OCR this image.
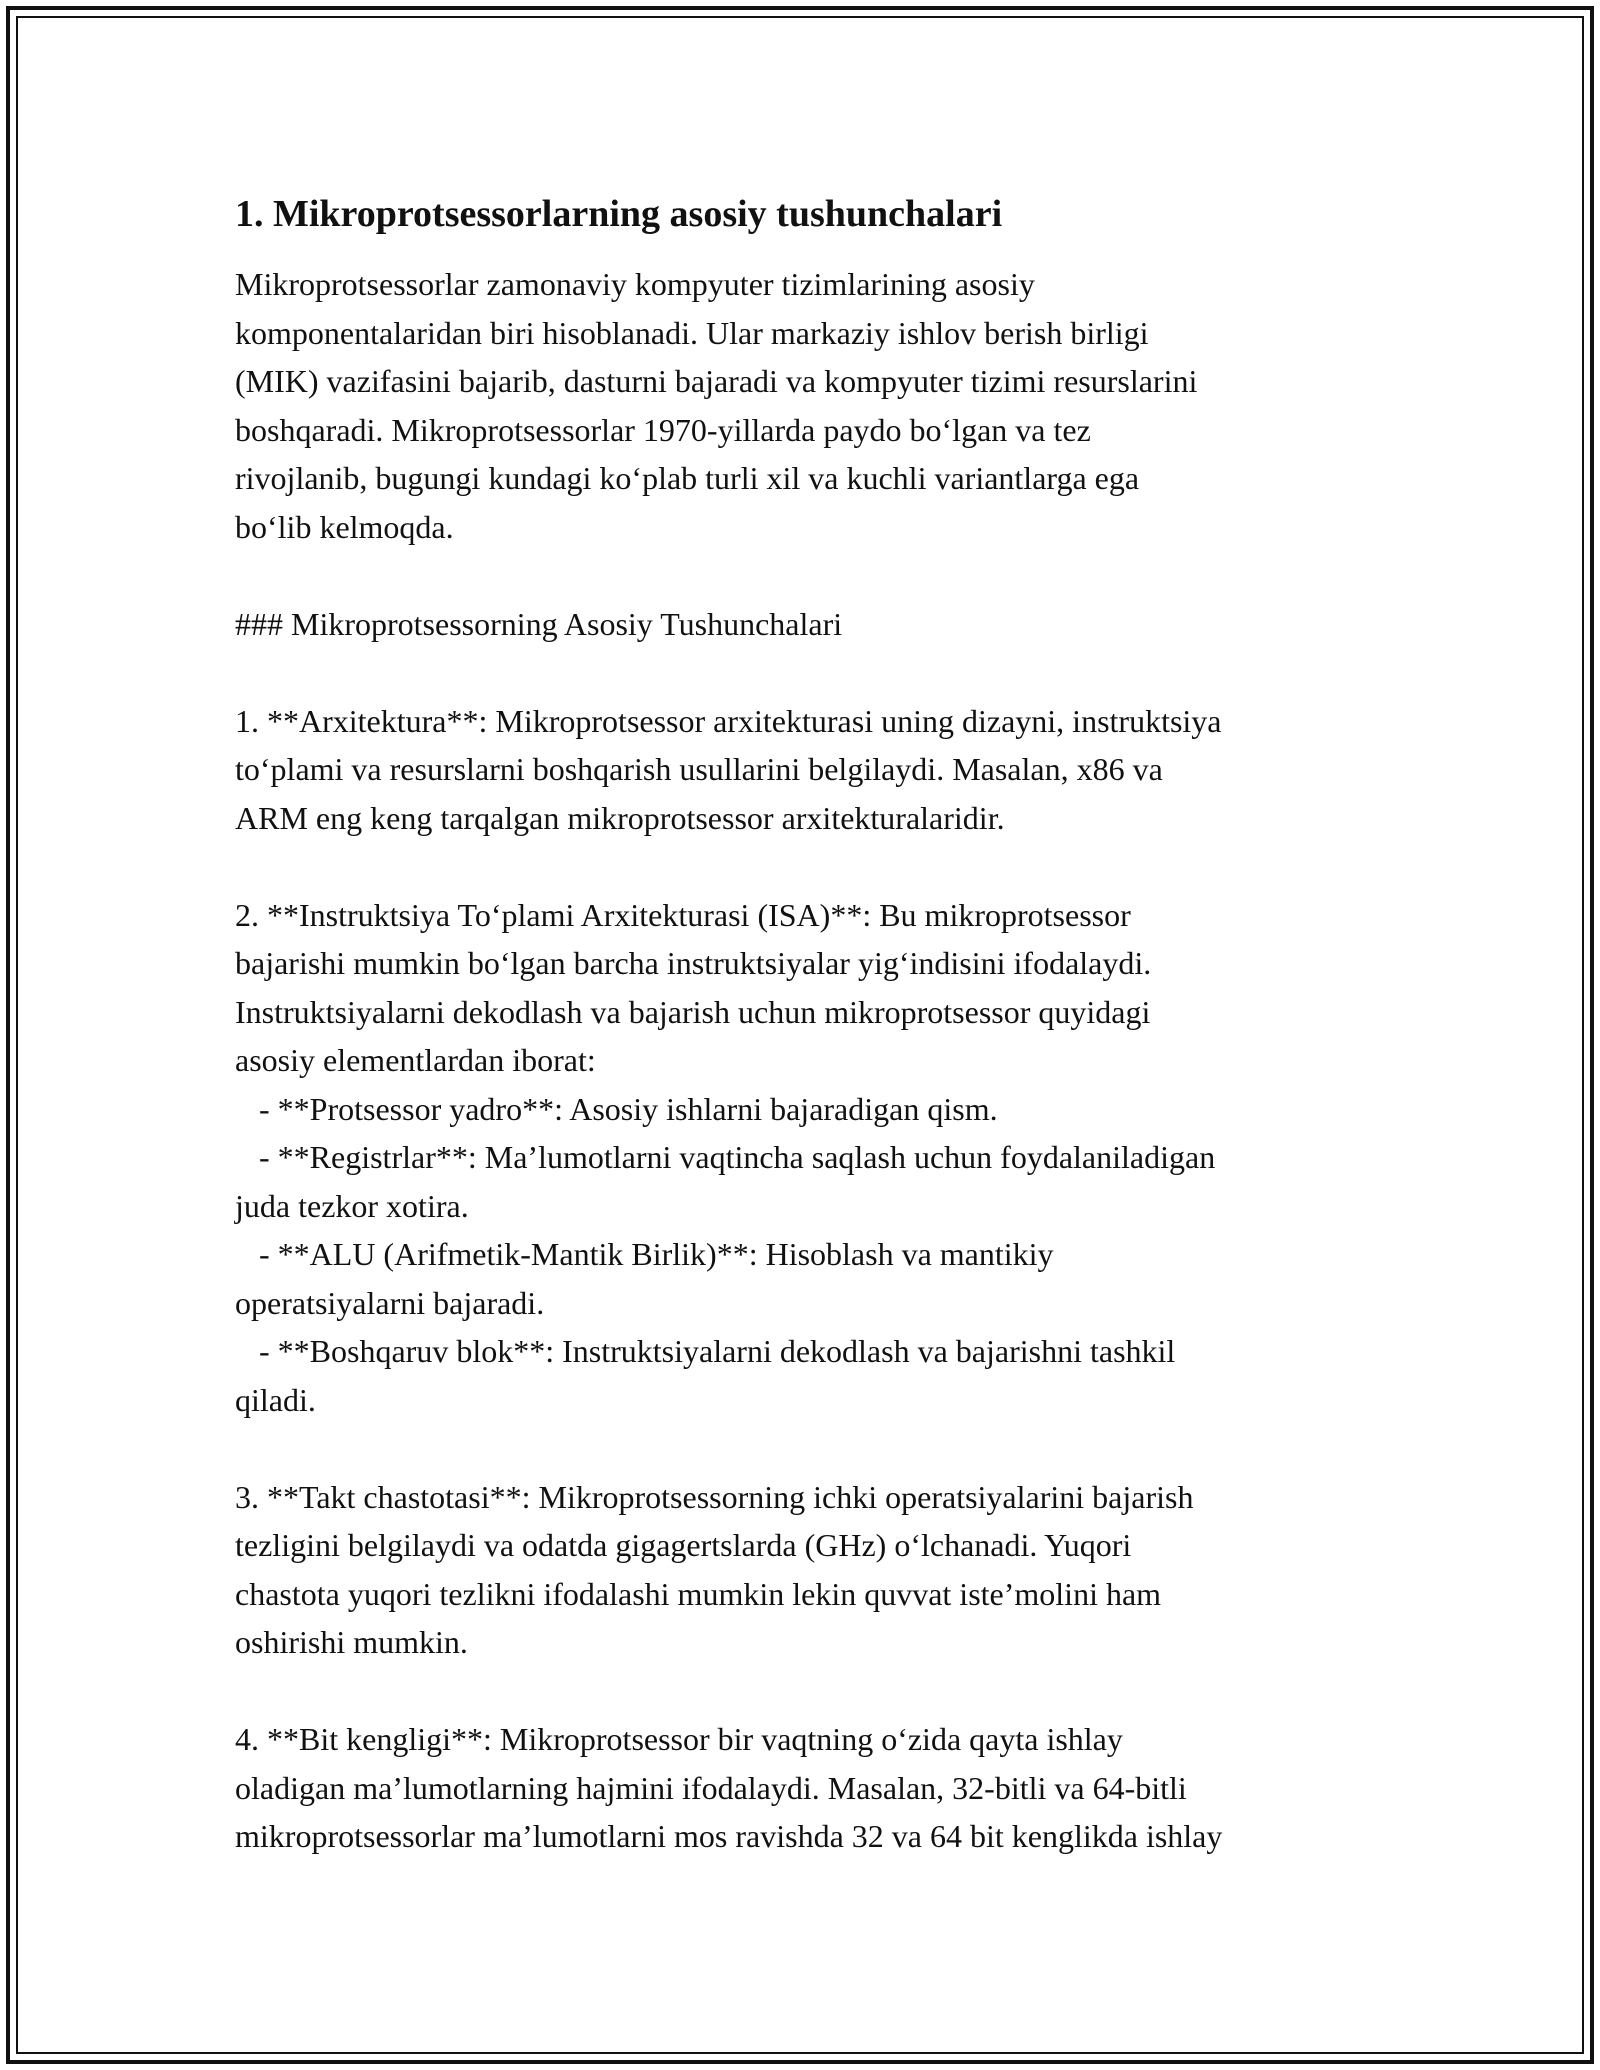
1. Mikroprotsessorlarning asosiy tushunchalari
Mikroprotsessorlar zamonaviy kompyuter tizimlarining asosiy
komponentalaridan biri hisoblanadi. Ular markaziy ishlov berish birligi
(MIK) vazifasini bajarib, dasturni bajaradi va kompyuter tizimi resurslarini
boshqaradi. Mikroprotsessorlar 1970-yillarda paydo bo‘lgan va tez
rivojlanib, bugungi kundagi ko‘plab turli xil va kuchli variantlarga ega
bo‘lib kelmoqda.
### Mikroprotsessorning Asosiy Tushunchalari
1. **Arxitektura**: Mikroprotsessor arxitekturasi uning dizayni, instruktsiya
to‘plami va resurslarni boshqarish usullarini belgilaydi. Masalan, x86 va
ARM eng keng tarqalgan mikroprotsessor arxitekturalaridir.
2. **Instruktsiya To‘plami Arxitekturasi (ISA)**: Bu mikroprotsessor
bajarishi mumkin bo‘lgan barcha instruktsiyalar yig‘indisini ifodalaydi.
Instruktsiyalarni dekodlash va bajarish uchun mikroprotsessor quyidagi
asosiy elementlardan iborat:
- **Protsessor yadro**: Asosiy ishlarni bajaradigan qism.
- **Registrlar**: Ma’lumotlarni vaqtincha saqlash uchun foydalaniladigan
juda tezkor xotira.
- **ALU (Arifmetik-Mantik Birlik)**: Hisoblash va mantikiy
operatsiyalarni bajaradi.
- **Boshqaruv blok**: Instruktsiyalarni dekodlash va bajarishni tashkil
qiladi.
3. **Takt chastotasi**: Mikroprotsessorning ichki operatsiyalarini bajarish
tezligini belgilaydi va odatda gigagertslarda (GHz) o‘lchanadi. Yuqori
chastota yuqori tezlikni ifodalashi mumkin lekin quvvat iste’molini ham
oshirishi mumkin.
4. **Bit kengligi**: Mikroprotsessor bir vaqtning o‘zida qayta ishlay
oladigan ma’lumotlarning hajmini ifodalaydi. Masalan, 32-bitli va 64-bitli
mikroprotsessorlar ma’lumotlarni mos ravishda 32 va 64 bit kenglikda ishlay
